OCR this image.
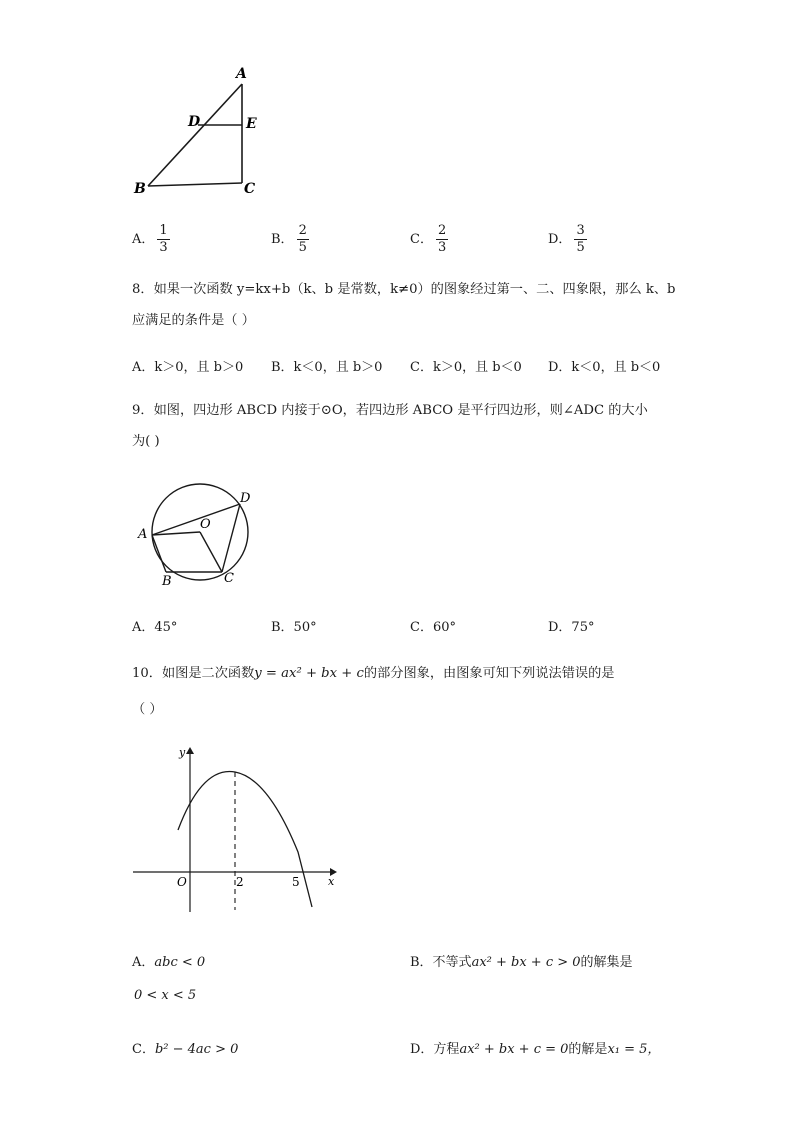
A
D	E
B	C
A． $\frac{1}{3}$	B． $\frac{2}{5}$	C． $\frac{2}{3}$	D． $\frac{3}{5}$
8．如果一次函数 y=kx+b（k、b 是常数，k≠0）的图象经过第一、二、四象限，那么 k、b
应满足的条件是（ ）
A．k＞0，且 b＞0 B．k＜0，且 b＞0 C．k＞0，且 b＜0 D．k＜0，且 b＜0
9．如图，四边形 ABCD 内接于⊙O，若四边形 ABCO 是平行四边形，则∠ADC 的大小
为( )
A
D
O
B	C
A．45°	B．50°	C．60°	D．75°
10．如图是二次函数y = ax² + bx + c的部分图象，由图象可知下列说法错误的是
（ ）
y
x
O	2	5
A．abc < 0	B．不等式ax² + bx + c > 0的解集是
0 < x < 5
C．b² − 4ac > 0	D．方程ax² + bx + c = 0的解是x₁ = 5，
